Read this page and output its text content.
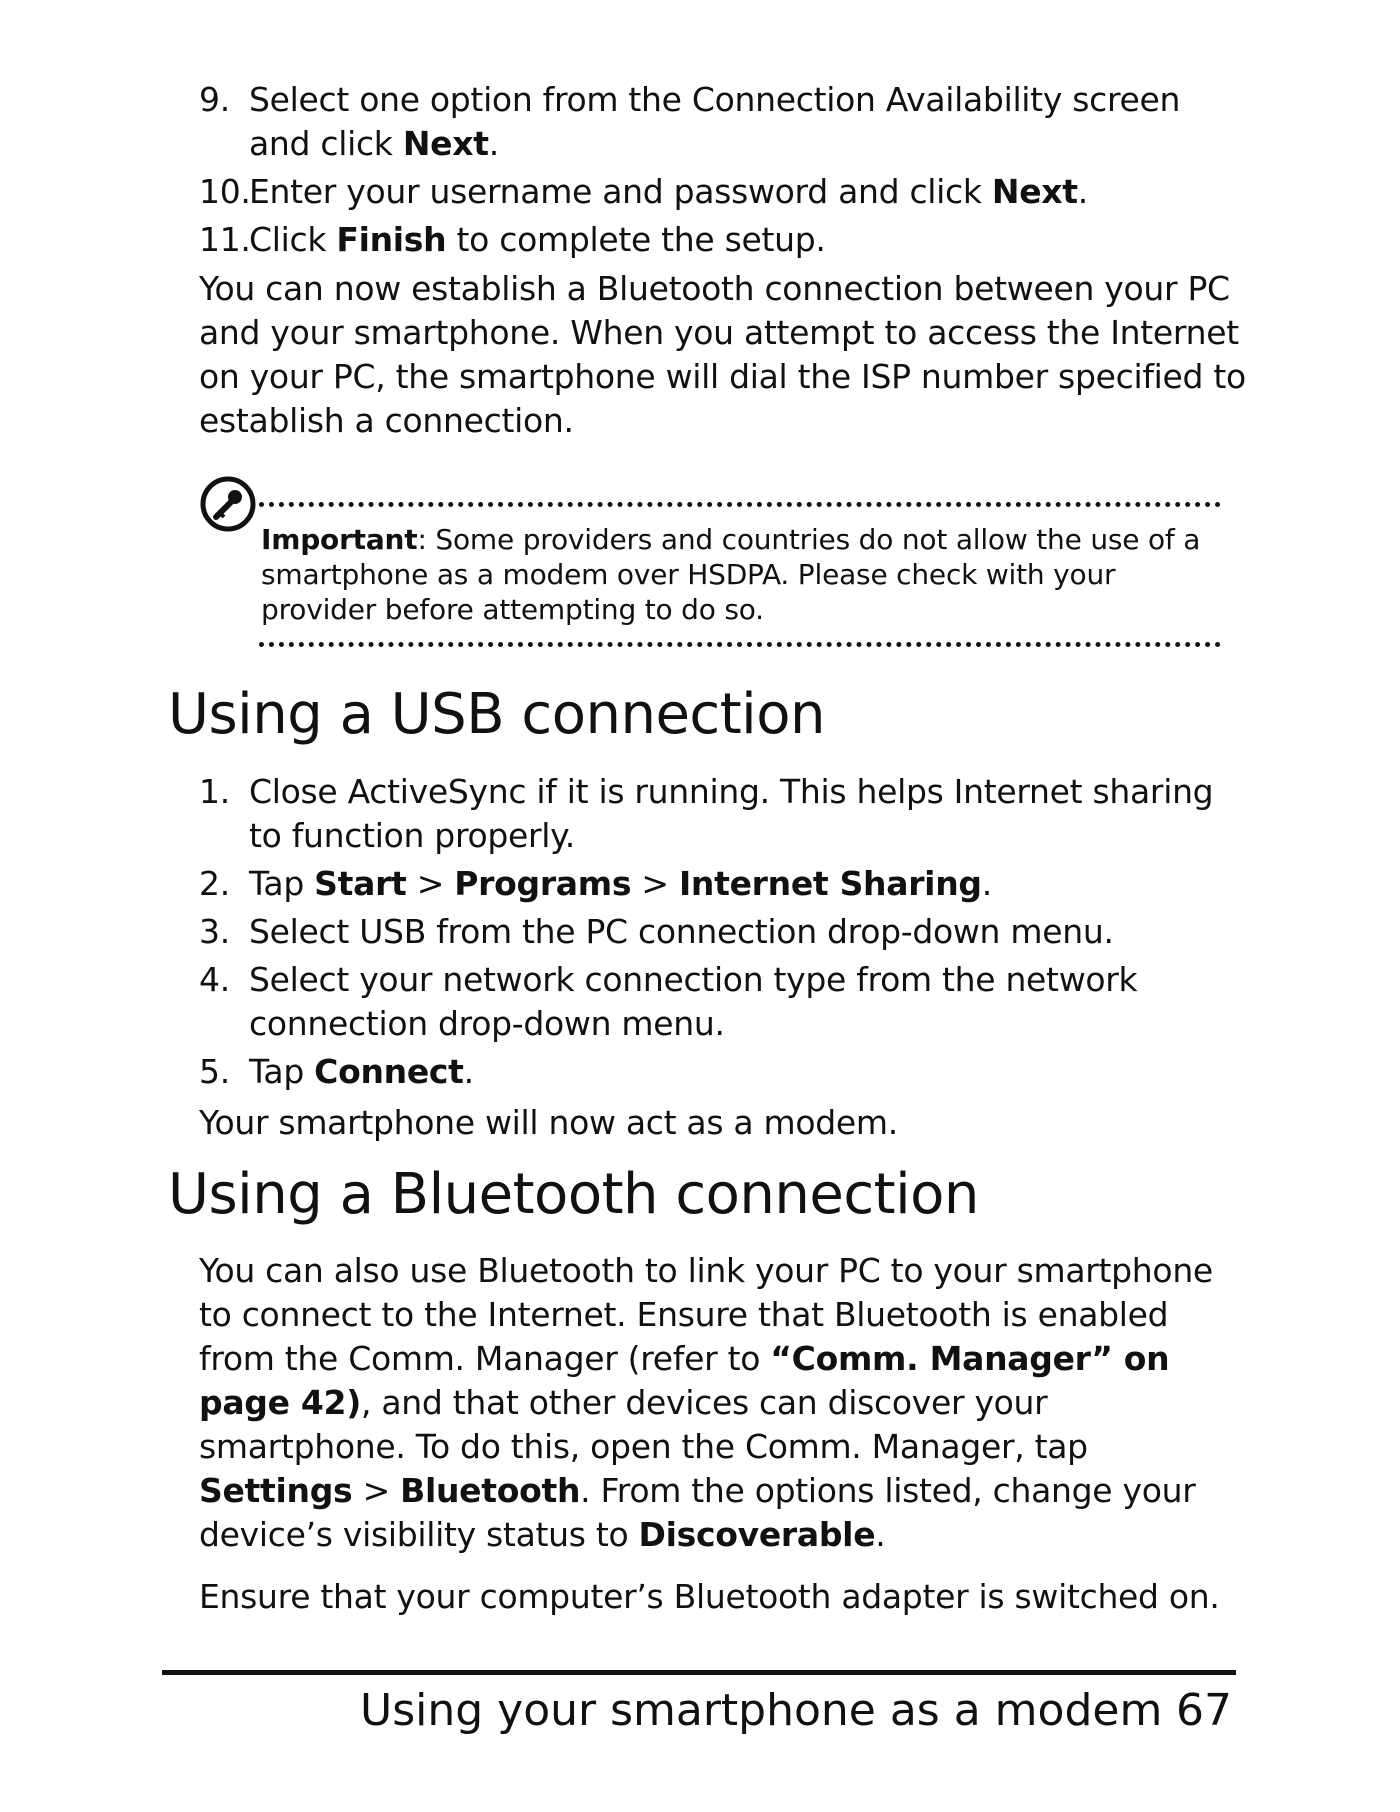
9. Select one option from the Connection Availability screen and click Next.
10.
Enter your username and password and click Next.
11.
Click Finish to complete the setup.

You can now establish a Bluetooth connection between your PC and your smartphone. When you attempt to access the Internet on your PC, the smartphone will dial the ISP number specified to establish a connection.

Important: Some providers and countries do not allow the use of a smartphone as a modem over HSDPA. Please check with your provider before attempting to do so.

Using a USB connection
1. Close ActiveSync if it is running. This helps Internet sharing to function properly.
2. Tap Start > Programs > Internet Sharing.
3. Select USB from the PC connection drop-down menu.
4. Select your network connection type from the network connection drop-down menu.
5. Tap Connect.

Your smartphone will now act as a modem.

Using a Bluetooth connection

You can also use Bluetooth to link your PC to your smartphone to connect to the Internet. Ensure that Bluetooth is enabled from the Comm. Manager (refer to “Comm. Manager” on page 42), and that other devices can discover your smartphone. To do this, open the Comm. Manager, tap Settings > Bluetooth. From the options listed, change your device’s visibility status to Discoverable.

Ensure that your computer’s Bluetooth adapter is switched on.

Using your smartphone as a modem 67
